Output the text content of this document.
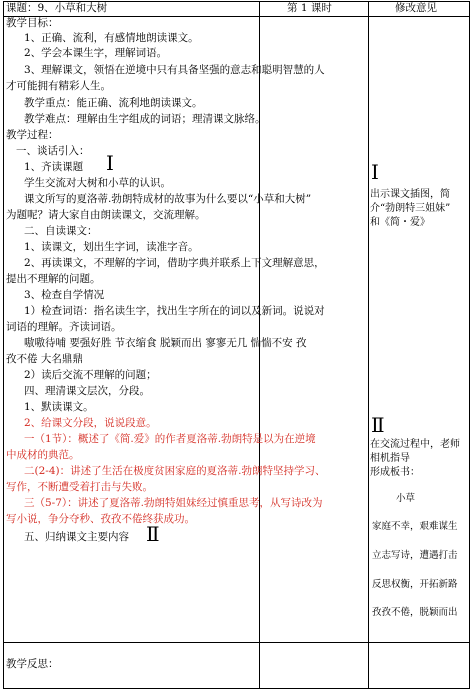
课题：9、小草和大树	第 1 课时	修改意见
教学目标：
1、正确、流利，有感情地朗读课文。
2、学会本课生字，理解词语。
3、理解课文，领悟在逆境中只有具备坚强的意志和聪明智慧的人
才可能拥有精彩人生。
教学重点：能正确、流利地朗读课文。
教学难点：理解由生字组成的词语；理清课文脉络。
教学过程：
一、谈话引入：
1、齐读课题 Ⅰ
学生交流对大树和小草的认识。
课文所写的夏洛蒂.勃朗特成材的故事为什么要以“小草和大树”
为题呢？请大家自由朗读课文，交流理解。
二、自读课文：
1、读课文，划出生字词，读准字音。
2、再读课文，不理解的字词，借助字典并联系上下文理解意思，
提出不理解的问题。
3、检查自学情况
1）检查词语：指名读生字，找出生字所在的词以及新词。说说对
词语的理解。齐读词语。
嗷嗷待哺 要强好胜 节衣缩食 脱颖而出 寥寥无几 惴惴不安 孜
孜不倦 大名鼎鼎
2）读后交流不理解的问题；
四、理清课文层次，分段。
1、默读课文。
2、给课文分段，说说段意。
一（1节）：概述了《简.爱》的作者夏洛蒂.勃朗特是以为在逆境
中成材的典范。
二(2-4)：讲述了生活在极度贫困家庭的夏洛蒂.勃朗特坚持学习、
写作，不断遭受着打击与失败。
三（5-7）：讲述了夏洛蒂.勃朗特姐妹经过慎重思考，从写诗改为
写小说，争分夺秒、孜孜不倦终获成功。
五、归纳课文主要内容 Ⅱ
教学反思：
Ⅰ
出示课文插图，简
介“勃朗特三姐妹”
和《简・爱》
Ⅱ
在交流过程中，老师
相机指导
形成板书：
小草
家庭不幸，艰难谋生
立志写诗，遭遇打击
反思权衡，开拓新路
孜孜不倦，脱颖而出
